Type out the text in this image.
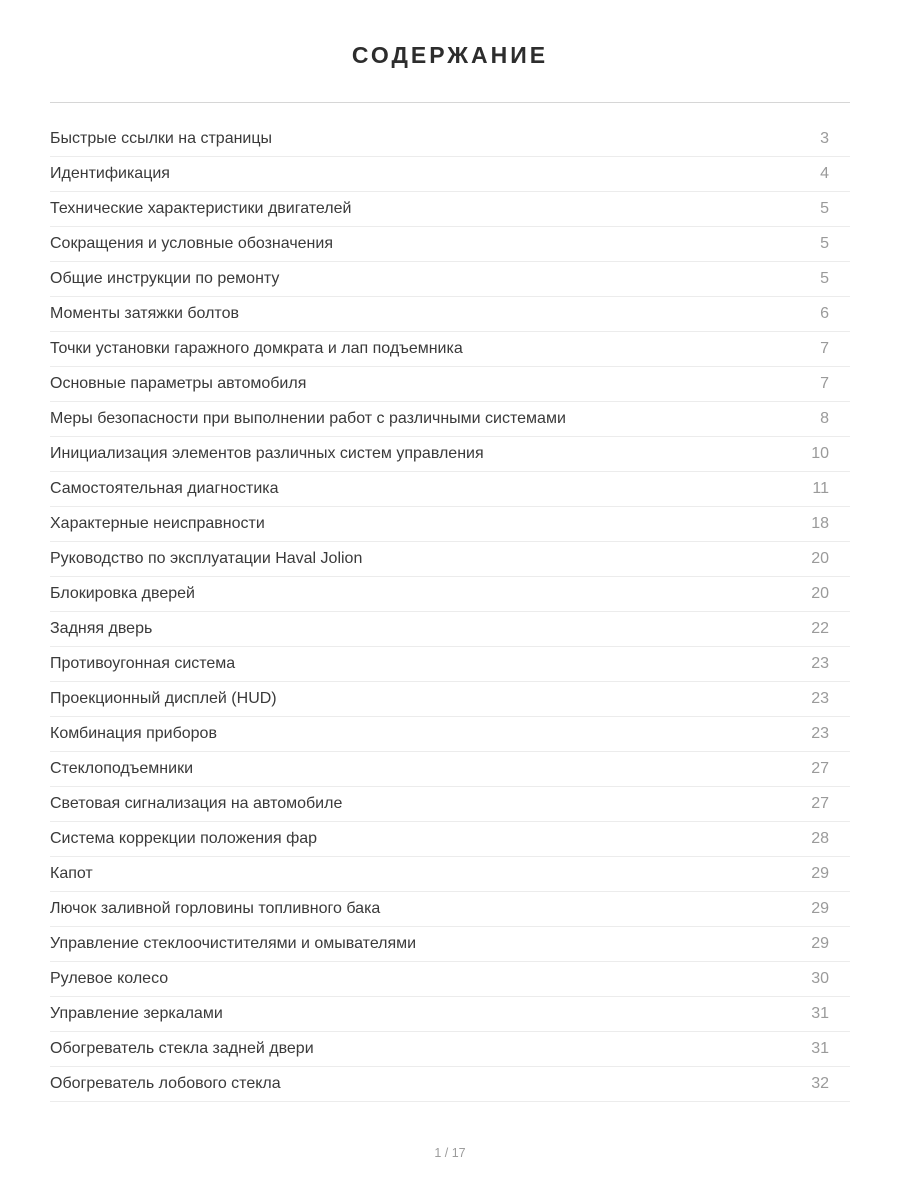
СОДЕРЖАНИЕ
Быстрые ссылки на страницы	3
Идентификация	4
Технические характеристики двигателей	5
Сокращения и условные обозначения	5
Общие инструкции по ремонту	5
Моменты затяжки болтов	6
Точки установки гаражного домкрата и лап подъемника	7
Основные параметры автомобиля	7
Меры безопасности при выполнении работ с различными системами	8
Инициализация элементов различных систем управления	10
Самостоятельная диагностика	11
Характерные неисправности	18
Руководство по эксплуатации Haval Jolion	20
Блокировка дверей	20
Задняя дверь	22
Противоугонная система	23
Проекционный дисплей (HUD)	23
Комбинация приборов	23
Стеклоподъемники	27
Световая сигнализация на автомобиле	27
Система коррекции положения фар	28
Капот	29
Лючок заливной горловины топливного бака	29
Управление стеклоочистителями и омывателями	29
Рулевое колесо	30
Управление зеркалами	31
Обогреватель стекла задней двери	31
Обогреватель лобового стекла	32
1 / 17
